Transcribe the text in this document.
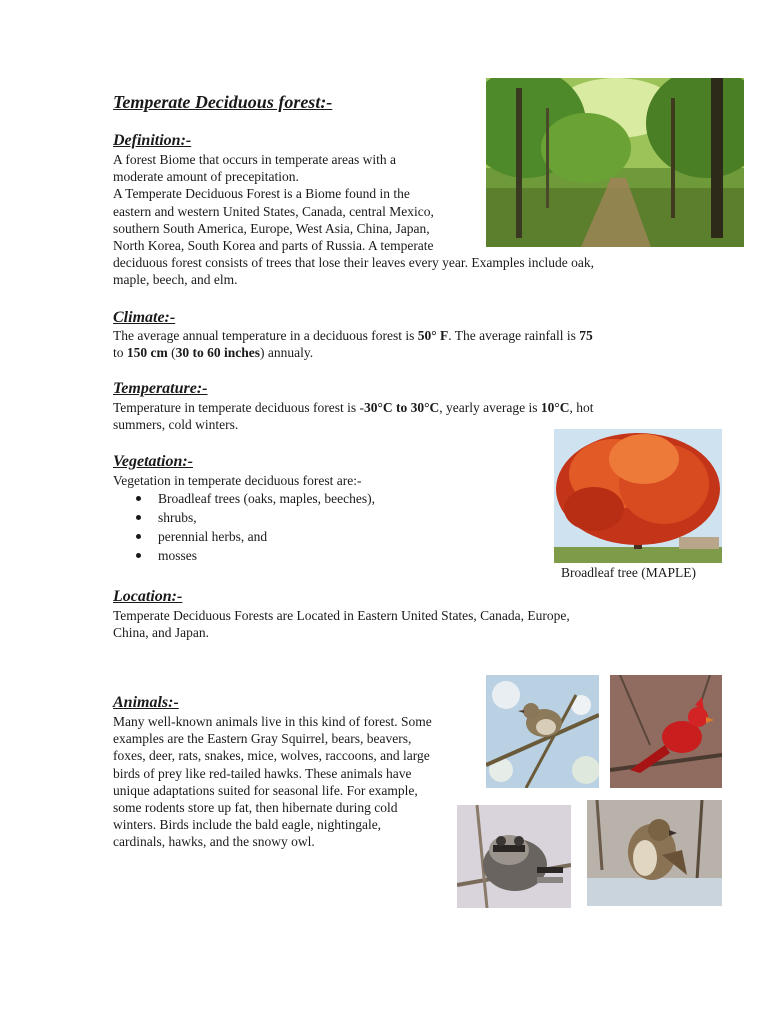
Temperate Deciduous forest:-
Definition:-
A forest Biome that occurs in temperate areas with a
moderate amount of precepitation.
A Temperate Deciduous Forest is a Biome found in the
eastern and western United States, Canada, central Mexico,
southern South America, Europe, West Asia, China, Japan,
North Korea, South Korea and parts of Russia. A temperate
deciduous forest consists of trees that lose their leaves every year. Examples include oak,
maple, beech, and elm.
Climate:-
The average annual temperature in a deciduous forest is 50° F. The average rainfall is 75
to 150 cm (30 to 60 inches) annualy.
Temperature:-
Temperature in temperate deciduous forest is -30°C to 30°C, yearly average is 10°C, hot
summers, cold winters.
Broadleaf tree (MAPLE)
Vegetation:-
Vegetation in temperate deciduous forest are:-
Broadleaf trees (oaks, maples, beeches),
shrubs,
perennial herbs, and
mosses
Location:-
Temperate Deciduous Forests are Located in Eastern United States, Canada, Europe,
China, and Japan.
Animals:-
Many well-known animals live in this kind of forest. Some
examples are the Eastern Gray Squirrel, bears, beavers,
foxes, deer, rats, snakes, mice, wolves, raccoons, and large
birds of prey like red-tailed hawks. These animals have
unique adaptations suited for seasonal life. For example,
some rodents store up fat, then hibernate during cold
winters. Birds include the bald eagle, nightingale,
cardinals, hawks, and the snowy owl.
